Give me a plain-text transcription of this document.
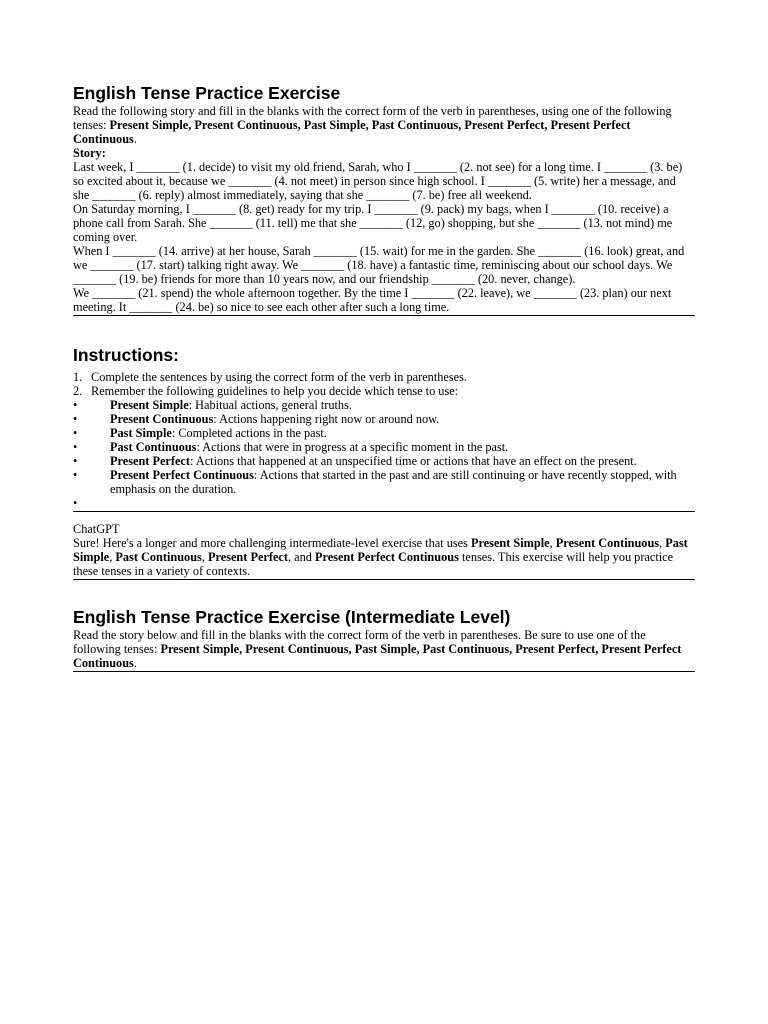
English Tense Practice Exercise

Read the following story and fill in the blanks with the correct form of the verb in parentheses, using one of the following tenses: Present Simple, Present Continuous, Past Simple, Past Continuous, Present Perfect, Present Perfect Continuous.

Story:

Last week, I _______ (1. decide) to visit my old friend, Sarah, who I _______ (2. not see) for a long time. I _______ (3. be) so excited about it, because we _______ (4. not meet) in person since high school. I _______ (5. write) her a message, and she _______ (6. reply) almost immediately, saying that she _______ (7. be) free all weekend.

On Saturday morning, I _______ (8. get) ready for my trip. I _______ (9. pack) my bags, when I _______ (10. receive) a phone call from Sarah. She _______ (11. tell) me that she _______ (12, go) shopping, but she _______ (13. not mind) me coming over.

When I _______ (14. arrive) at her house, Sarah _______ (15. wait) for me in the garden. She _______ (16. look) great, and we _______ (17. start) talking right away. We _______ (18. have) a fantastic time, reminiscing about our school days. We _______ (19. be) friends for more than 10 years now, and our friendship _______ (20. never, change).

We _______ (21. spend) the whole afternoon together. By the time I _______ (22. leave), we _______ (23. plan) our next meeting. It _______ (24. be) so nice to see each other after such a long time.

Instructions:
1. Complete the sentences by using the correct form of the verb in parentheses.
2. Remember the following guidelines to help you decide which tense to use:
•	Present Simple: Habitual actions, general truths.
•	Present Continuous: Actions happening right now or around now.
•	Past Simple: Completed actions in the past.
•	Past Continuous: Actions that were in progress at a specific moment in the past.
•	Present Perfect: Actions that happened at an unspecified time or actions that have an effect on the present.
•	Present Perfect Continuous: Actions that started in the past and are still continuing or have recently stopped, with emphasis on the duration.
•

ChatGPT

Sure! Here's a longer and more challenging intermediate-level exercise that uses Present Simple, Present Continuous, Past Simple, Past Continuous, Present Perfect, and Present Perfect Continuous tenses. This exercise will help you practice these tenses in a variety of contexts.

English Tense Practice Exercise (Intermediate Level)

Read the story below and fill in the blanks with the correct form of the verb in parentheses. Be sure to use one of the following tenses: Present Simple, Present Continuous, Past Simple, Past Continuous, Present Perfect, Present Perfect Continuous.
